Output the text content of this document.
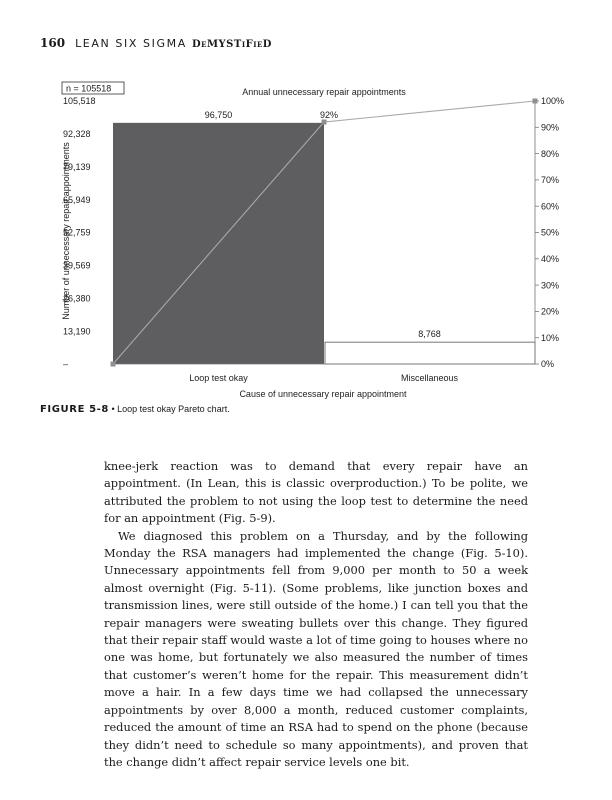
160 LEAN SIX SIGMA DeMYSTiFieD
n = 105518	Annual unnecessary repair appointments
–
13,190
26,380
39,569
52,759
65,949
79,139
92,328
105,518
0%
10%
20%
30%
40%
50%
60%
70%
80%
90%
100%
96,750
8,768
92%
Loop test okay	Miscellaneous
Cause of unnecessary repair appointment
Number of unnecessary repair appointments
FIGURE 5-8 • Loop test okay Pareto chart.

knee-jerk reaction was to demand that every repair have an appointment. (In Lean, this is classic overproduction.) To be polite, we attributed the problem to not using the loop test to determine the need for an appointment (Fig. 5-9).

We diagnosed this problem on a Thursday, and by the following Monday the RSA managers had implemented the change (Fig. 5-10). Unnecessary appointments fell from 9,000 per month to 50 a week almost overnight (Fig. 5-11). (Some problems, like junction boxes and transmission lines, were still outside of the home.) I can tell you that the repair managers were sweating bullets over this change. They figured that their repair staff would waste a lot of time going to houses where no one was home, but fortunately we also measured the number of times that customer’s weren’t home for the repair. This measurement didn’t move a hair. In a few days time we had collapsed the unnecessary appointments by over 8,000 a month, reduced customer complaints, reduced the amount of time an RSA had to spend on the phone (because they didn’t need to schedule so many appointments), and proven that the change didn’t affect repair service levels one bit.
